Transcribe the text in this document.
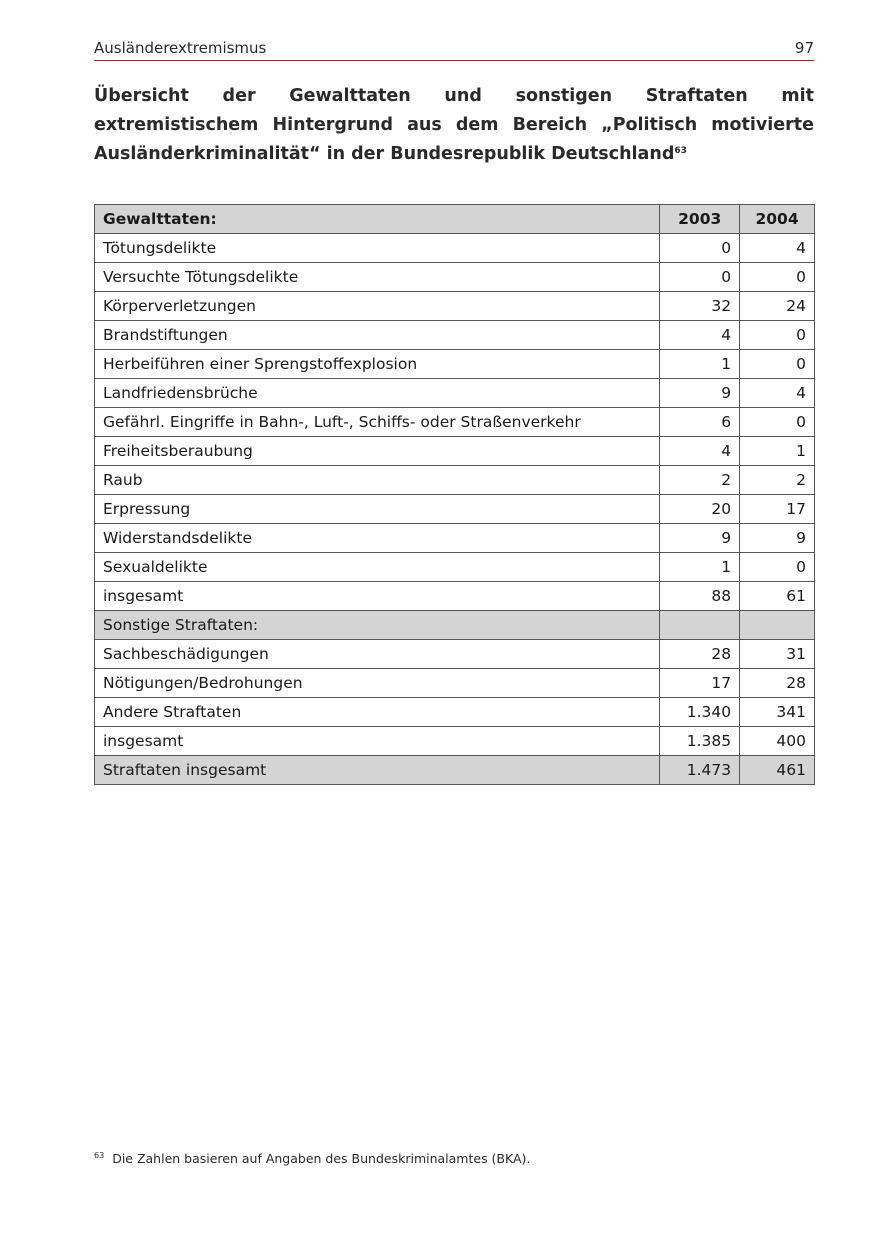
Ausländerextremismus	97
Übersicht der Gewalttaten und sonstigen Straftaten mit extremistischem Hintergrund aus dem Bereich „Politisch motivierte Ausländerkriminalität“ in der Bundesrepublik Deutschland$^{63}$
Gewalttaten:	2003	2004
Tötungsdelikte	0	4
Versuchte Tötungsdelikte	0	0
Körperverletzungen	32	24
Brandstiftungen	4	0
Herbeiführen einer Sprengstoffexplosion	1	0
Landfriedensbrüche	9	4
Gefährl. Eingriffe in Bahn-, Luft-, Schiffs- oder Straßenverkehr	6	0
Freiheitsberaubung	4	1
Raub	2	2
Erpressung	20	17
Widerstandsdelikte	9	9
Sexualdelikte	1	0
insgesamt	88	61
Sonstige Straftaten:		
Sachbeschädigungen	28	31
Nötigungen/Bedrohungen	17	28
Andere Straftaten	1.340	341
insgesamt	1.385	400
Straftaten insgesamt	1.473	461
$^{63}$ Die Zahlen basieren auf Angaben des Bundeskriminalamtes (BKA).
